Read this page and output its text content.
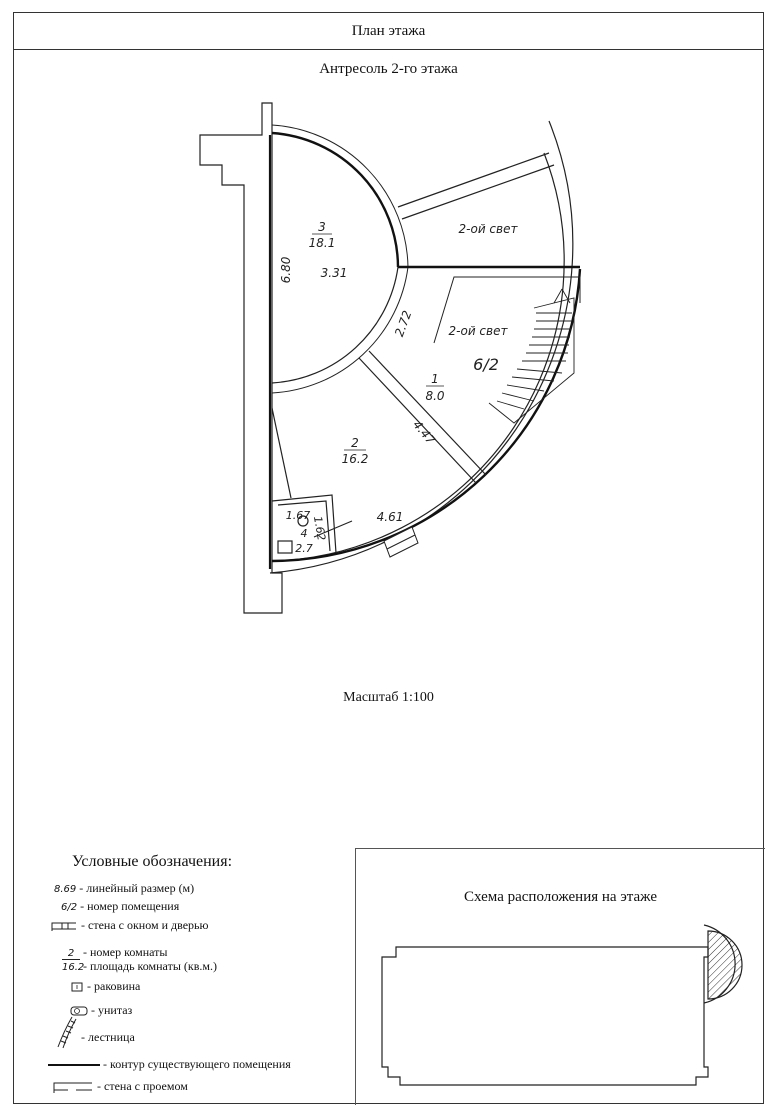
План этажа
Антресоль 2-го этажа
Масштаб 1:100
3
18.1
6.80 3.31
2-ой свет
2-ой свет
6/2
2.72
1
8.0
2
16.2
4.47
4.61
1.62
1.67
4
2.7
Условные обозначения:
8.69 - линейный размер (м)
6/2 - номер помещения
- стена с окном и дверью
2 - номер комнаты
16.2 - площадь комнаты (кв.м.)
- раковина
- унитаз
- лестница
- контур существующего помещения
- стена с проемом
Схема расположения на этаже
